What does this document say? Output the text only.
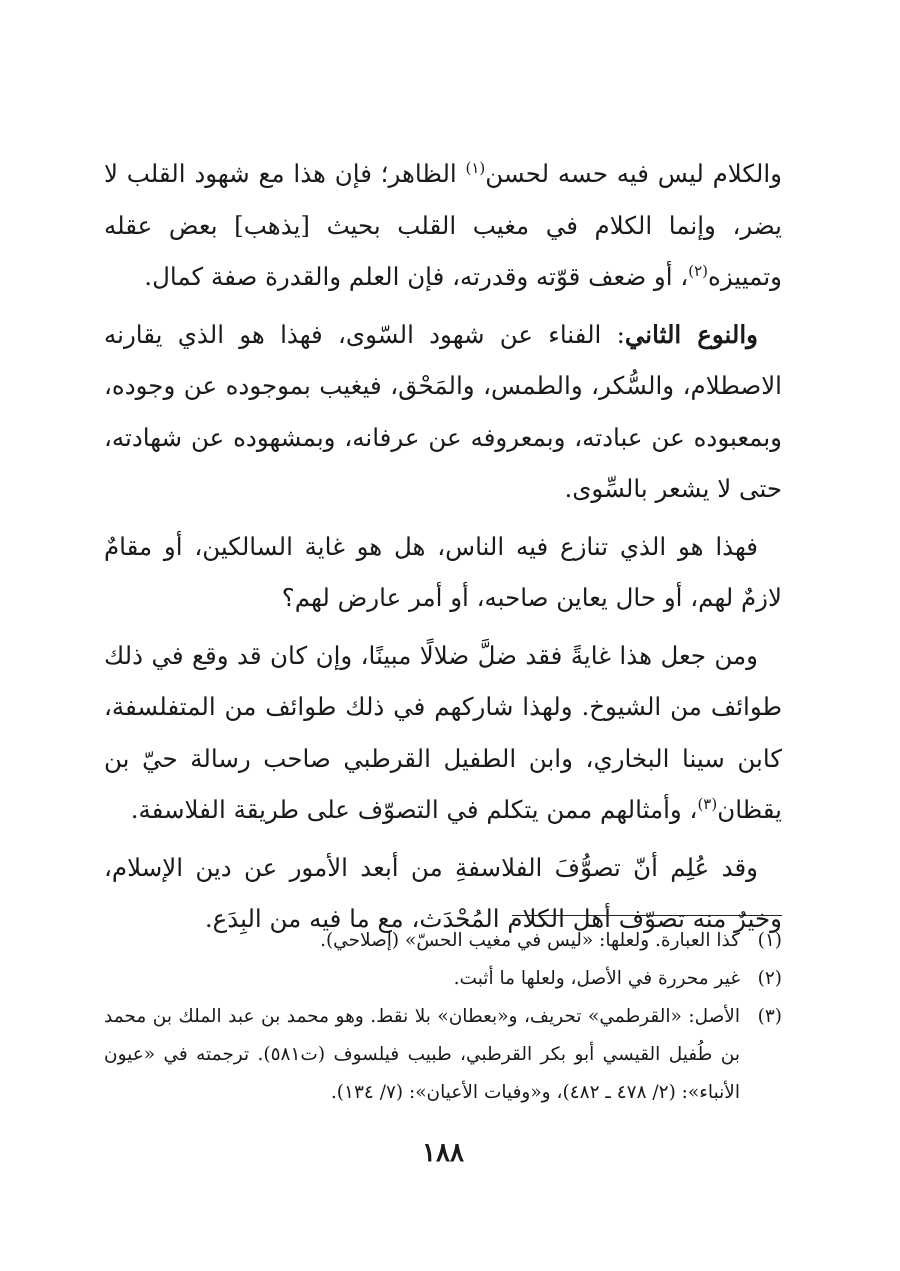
والكلام ليس فيه حسه لحسن$^{(١)}$ الظاهر؛ فإن هذا مع شهود القلب لا يضر، وإنما الكلام في مغيب القلب بحيث [يذهب] بعض عقله وتمييزه$^{(٢)}$، أو ضعف قوّته وقدرته، فإن العلم والقدرة صفة كمال.

والنوع الثاني: الفناء عن شهود السّوى، فهذا هو الذي يقارنه الاصطلام، والسُّكر، والطمس، والمَحْق، فيغيب بموجوده عن وجوده، وبمعبوده عن عبادته، وبمعروفه عن عرفانه، وبمشهوده عن شهادته، حتى لا يشعر بالسِّوى.

فهذا هو الذي تنازع فيه الناس، هل هو غاية السالكين، أو مقامٌ لازمٌ لهم، أو حال يعاين صاحبه، أو أمر عارض لهم؟

ومن جعل هذا غايةً فقد ضلَّ ضلالًا مبينًا، وإن كان قد وقع في ذلك طوائف من الشيوخ. ولهذا شاركهم في ذلك طوائف من المتفلسفة، كابن سينا البخاري، وابن الطفيل القرطبي صاحب رسالة حيّ بن يقظان$^{(٣)}$، وأمثالهم ممن يتكلم في التصوّف على طريقة الفلاسفة.

وقد عُلِم أنّ تصوُّفَ الفلاسفةِ من أبعد الأمور عن دين الإسلام، وخيرٌ منه تصوّف أهل الكلام المُحْدَث، مع ما فيه من البِدَع.

(١)
كذا العبارة. ولعلها: «ليس في مغيب الحسّ» (إصلاحي).
(٢)
غير محررة في الأصل، ولعلها ما أثبت.
(٣)
الأصل: «القرطمي» تحريف، و«بعطان» بلا نقط. وهو محمد بن عبد الملك بن محمد بن طُفيل القيسي أبو بكر القرطبي، طبيب فيلسوف (ت٥٨١). ترجمته في «عيون الأنباء»: (٢/ ٤٧٨ ـ ٤٨٢)، و«وفيات الأعيان»: (٧/ ١٣٤).
١٨٨
